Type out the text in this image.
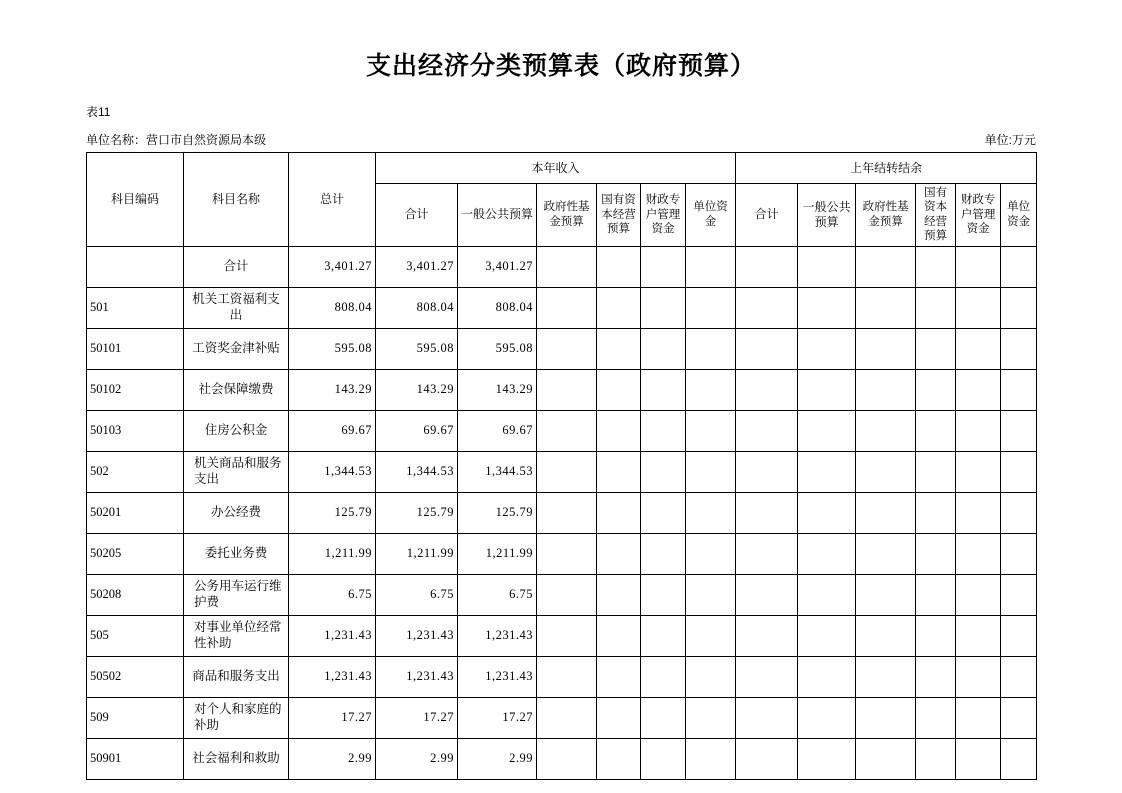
支出经济分类预算表（政府预算）
表11
单位名称：营口市自然资源局本级	单位:万元
科目编码	科目名称	总计	本年收入						上年结转结余					
			合计	一般公共预算	政府性基金预算	国有资本经营预算	财政专户管理资金	单位资金	合计	一般公共预算	政府性基金预算	国有资本经营预算	财政专户管理资金	单位资金
	合计	3,401.27	3,401.27	3,401.27										
501	机关工资福利支出	808.04	808.04	808.04										
50101	工资奖金津补贴	595.08	595.08	595.08										
50102	社会保障缴费	143.29	143.29	143.29										
50103	住房公积金	69.67	69.67	69.67										
502	机关商品和服务支出	1,344.53	1,344.53	1,344.53										
50201	办公经费	125.79	125.79	125.79										
50205	委托业务费	1,211.99	1,211.99	1,211.99										
50208	公务用车运行维护费	6.75	6.75	6.75										
505	对事业单位经常性补助	1,231.43	1,231.43	1,231.43										
50502	商品和服务支出	1,231.43	1,231.43	1,231.43										
509	对个人和家庭的补助	17.27	17.27	17.27										
50901	社会福利和救助	2.99	2.99	2.99										
